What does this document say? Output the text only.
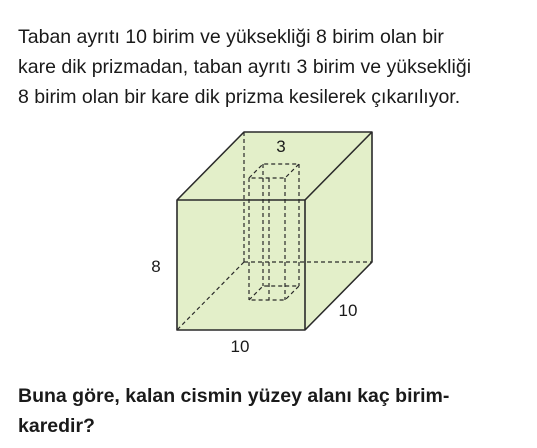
Taban ayrıtı 10 birim ve yüksekliği 8 birim olan bir
kare dik prizmadan, taban ayrıtı 3 birim ve yüksekliği
8 birim olan bir kare dik prizma kesilerek çıkarılıyor.
3
8
10
10
Buna göre, kalan cismin yüzey alanı kaç birim-
karedir?
